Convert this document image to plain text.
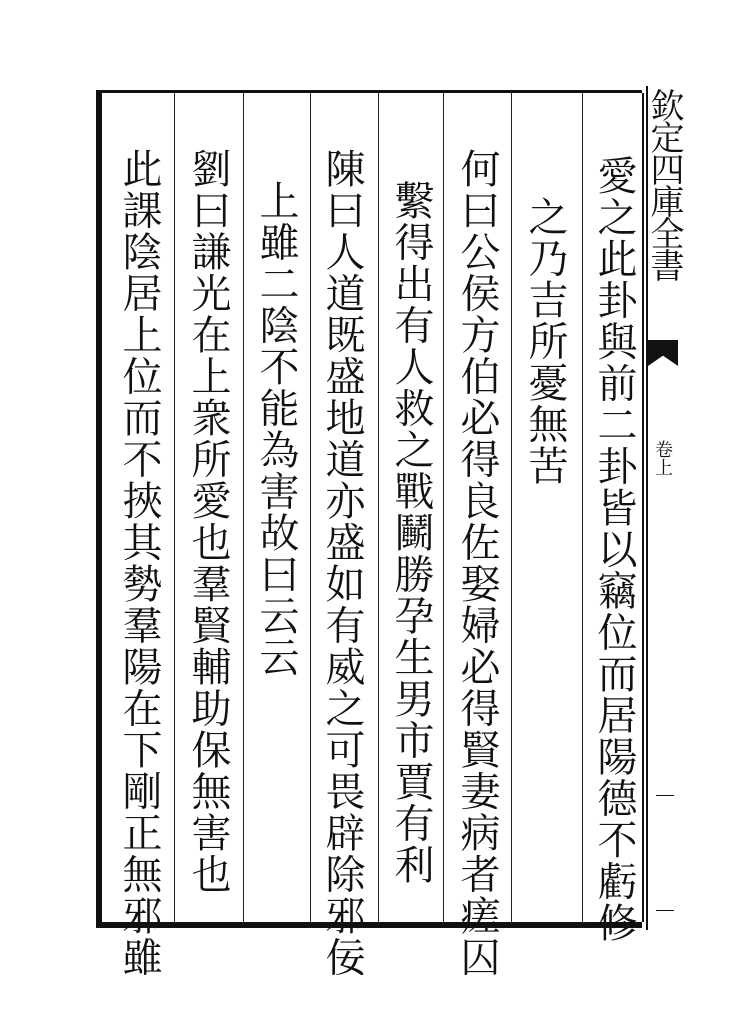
愛之此卦與前二卦皆以竊位而居陽德不虧修
之乃吉所憂無苦
何曰公侯方伯必得良佐娶婦必得賢妻病者瘥囚
繫得出有人救之戰鬭勝孕生男市賈有利
陳曰人道既盛地道亦盛如有威之可畏辟除邪佞
上雖二陰不能為害故曰云云
劉曰謙光在上衆所愛也羣賢輔助保無害也
此課陰居上位而不挾其勢羣陽在下剛正無邪雖	欽定四庫全書
卷上
